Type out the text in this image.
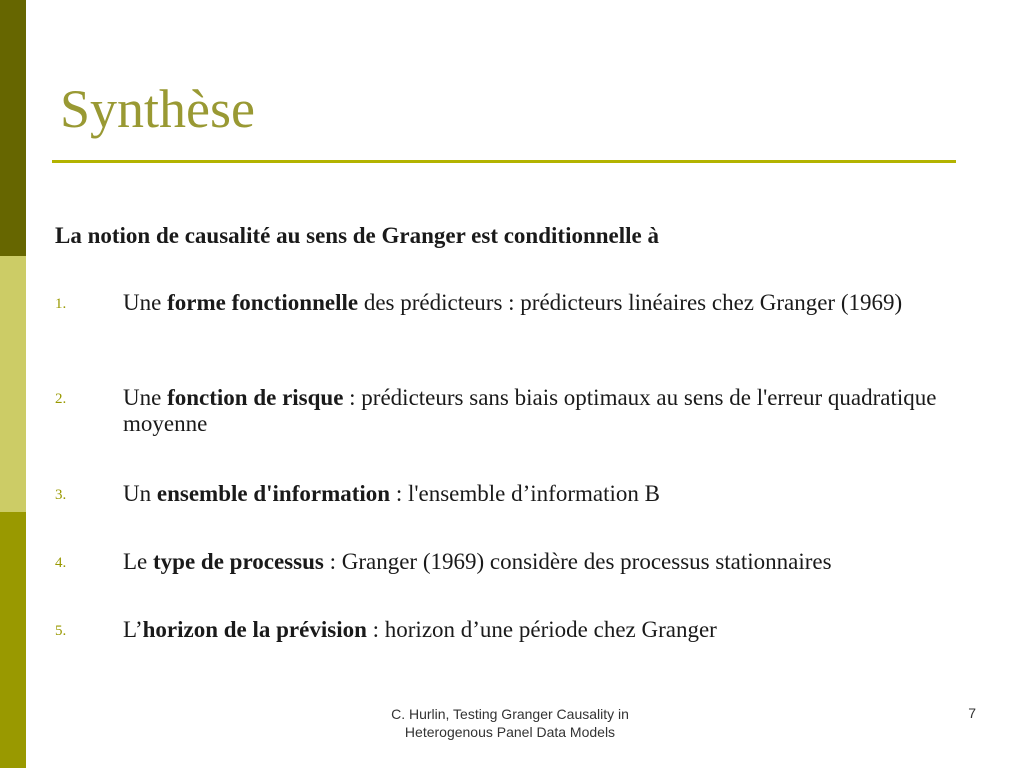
Synthèse
La notion de causalité au sens de Granger est conditionnelle à
1. Une forme fonctionnelle des prédicteurs : prédicteurs linéaires chez Granger (1969)
2. Une fonction de risque : prédicteurs sans biais optimaux au sens de l'erreur quadratique moyenne
3. Un ensemble d'information : l'ensemble d’information B
4. Le type de processus : Granger (1969) considère des processus stationnaires
5. L’horizon de la prévision : horizon d’une période chez Granger
C. Hurlin, Testing Granger Causality in
Heterogenous Panel Data Models
7
